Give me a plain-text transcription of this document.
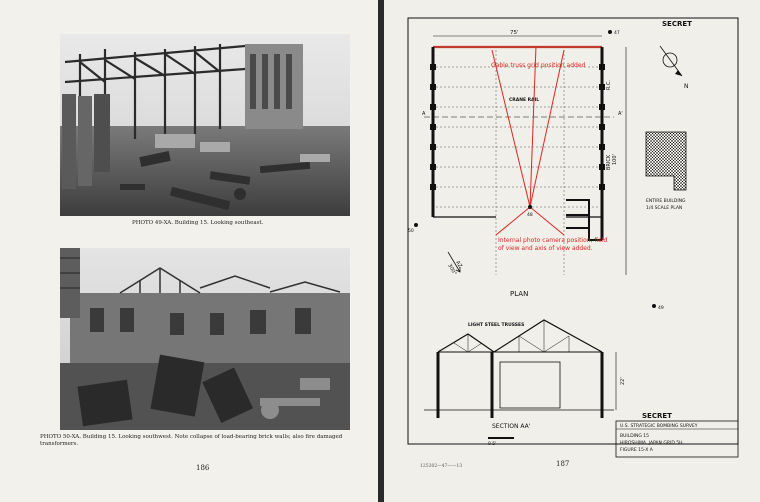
PHOTO 49-XA. Building 15. Looking southeast.
PHOTO 50-XA. Building 15. Looking southwest. Note collapse of load-bearing brick walls; also fire damaged transformers.
186
SECRET
75'
A	A'
CRANE RAIL
100'
R.C.
BRICK
Gable truss grid position added
Internal photo camera position, field of view and axis of view added.
48
47
50
49
AZ
300°
PLAN
N
ENTIRE BUILDING
1/4 SCALE PLAN
LIGHT STEEL TRUSSES
22'
SECTION AA'
0 5'
SECRET
U.S. STRATEGIC BOMBING SURVEY
BUILDING 15
HIROSHIMA, JAPAN GRID 5H
FIGURE 15-X A
125302—47——13	187
